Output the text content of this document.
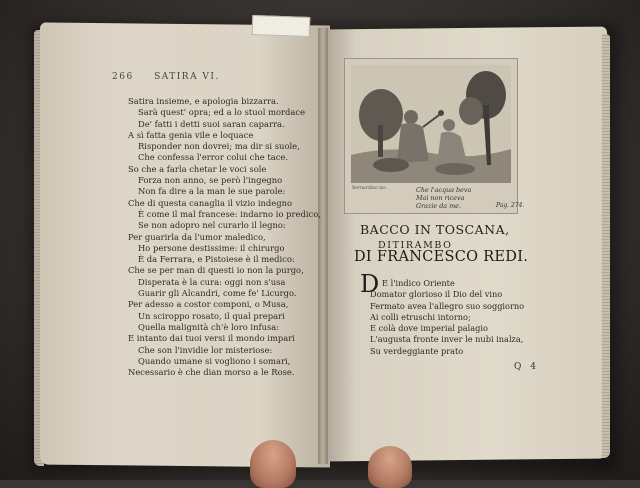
266 SATIRA VI.
Satira insieme, e apologia bizzarra.
Sarà quest' opra; ed a lo stuol mordace
De' fatti i detti suoi saran caparra.
A sì fatta genia vile e loquace
Risponder non dovrei; ma dir si suole,
Che confessa l'error colui che tace.
So che a farla chetar le voci sole
Forza non anno, se però l'ingegno
Non fa dire a la man le sue parole:
Che di questa canaglia il vizio indegno
È come il mal francese: indarno io predico,
Se non adopro nel curarlo il legno:
Per guarirla da l'umor maledico,
Ho persone destissime: il chirurgo
È da Ferrara, e Pistoiese è il medico:
Che se per man di questi io non la purgo,
Disperata è la cura: oggi non s'usa
Guarir gli Alcandri, come fe' Licurgo.
Per adesso a costor componi, o Musa,
Un sciroppo rosato, il qual prepari
Quella malignità ch'è loro infusa:
E intanto dai tuoi versi il mondo impari
Che son l'invidie lor misteriose:
Quando umane si vogliono i somari,
Necessario è che dian morso a le Rose.
Bernardino inc.	Che l'acqua beva
Mai non riceva
Grazie da me.	Pag. 274.
BACCO IN TOSCANA,
DITIRAMBO
DI FRANCESCO REDI.
D E l'indico Oriente
Domator glorioso il Dio del vino
Fermato avea l'allegro suo soggiorno
Ai colli etruschi intorno;
E colà dove imperial palagio
L'augusta fronte inver le nubi inalza,
Su verdeggiante prato
Q 4
